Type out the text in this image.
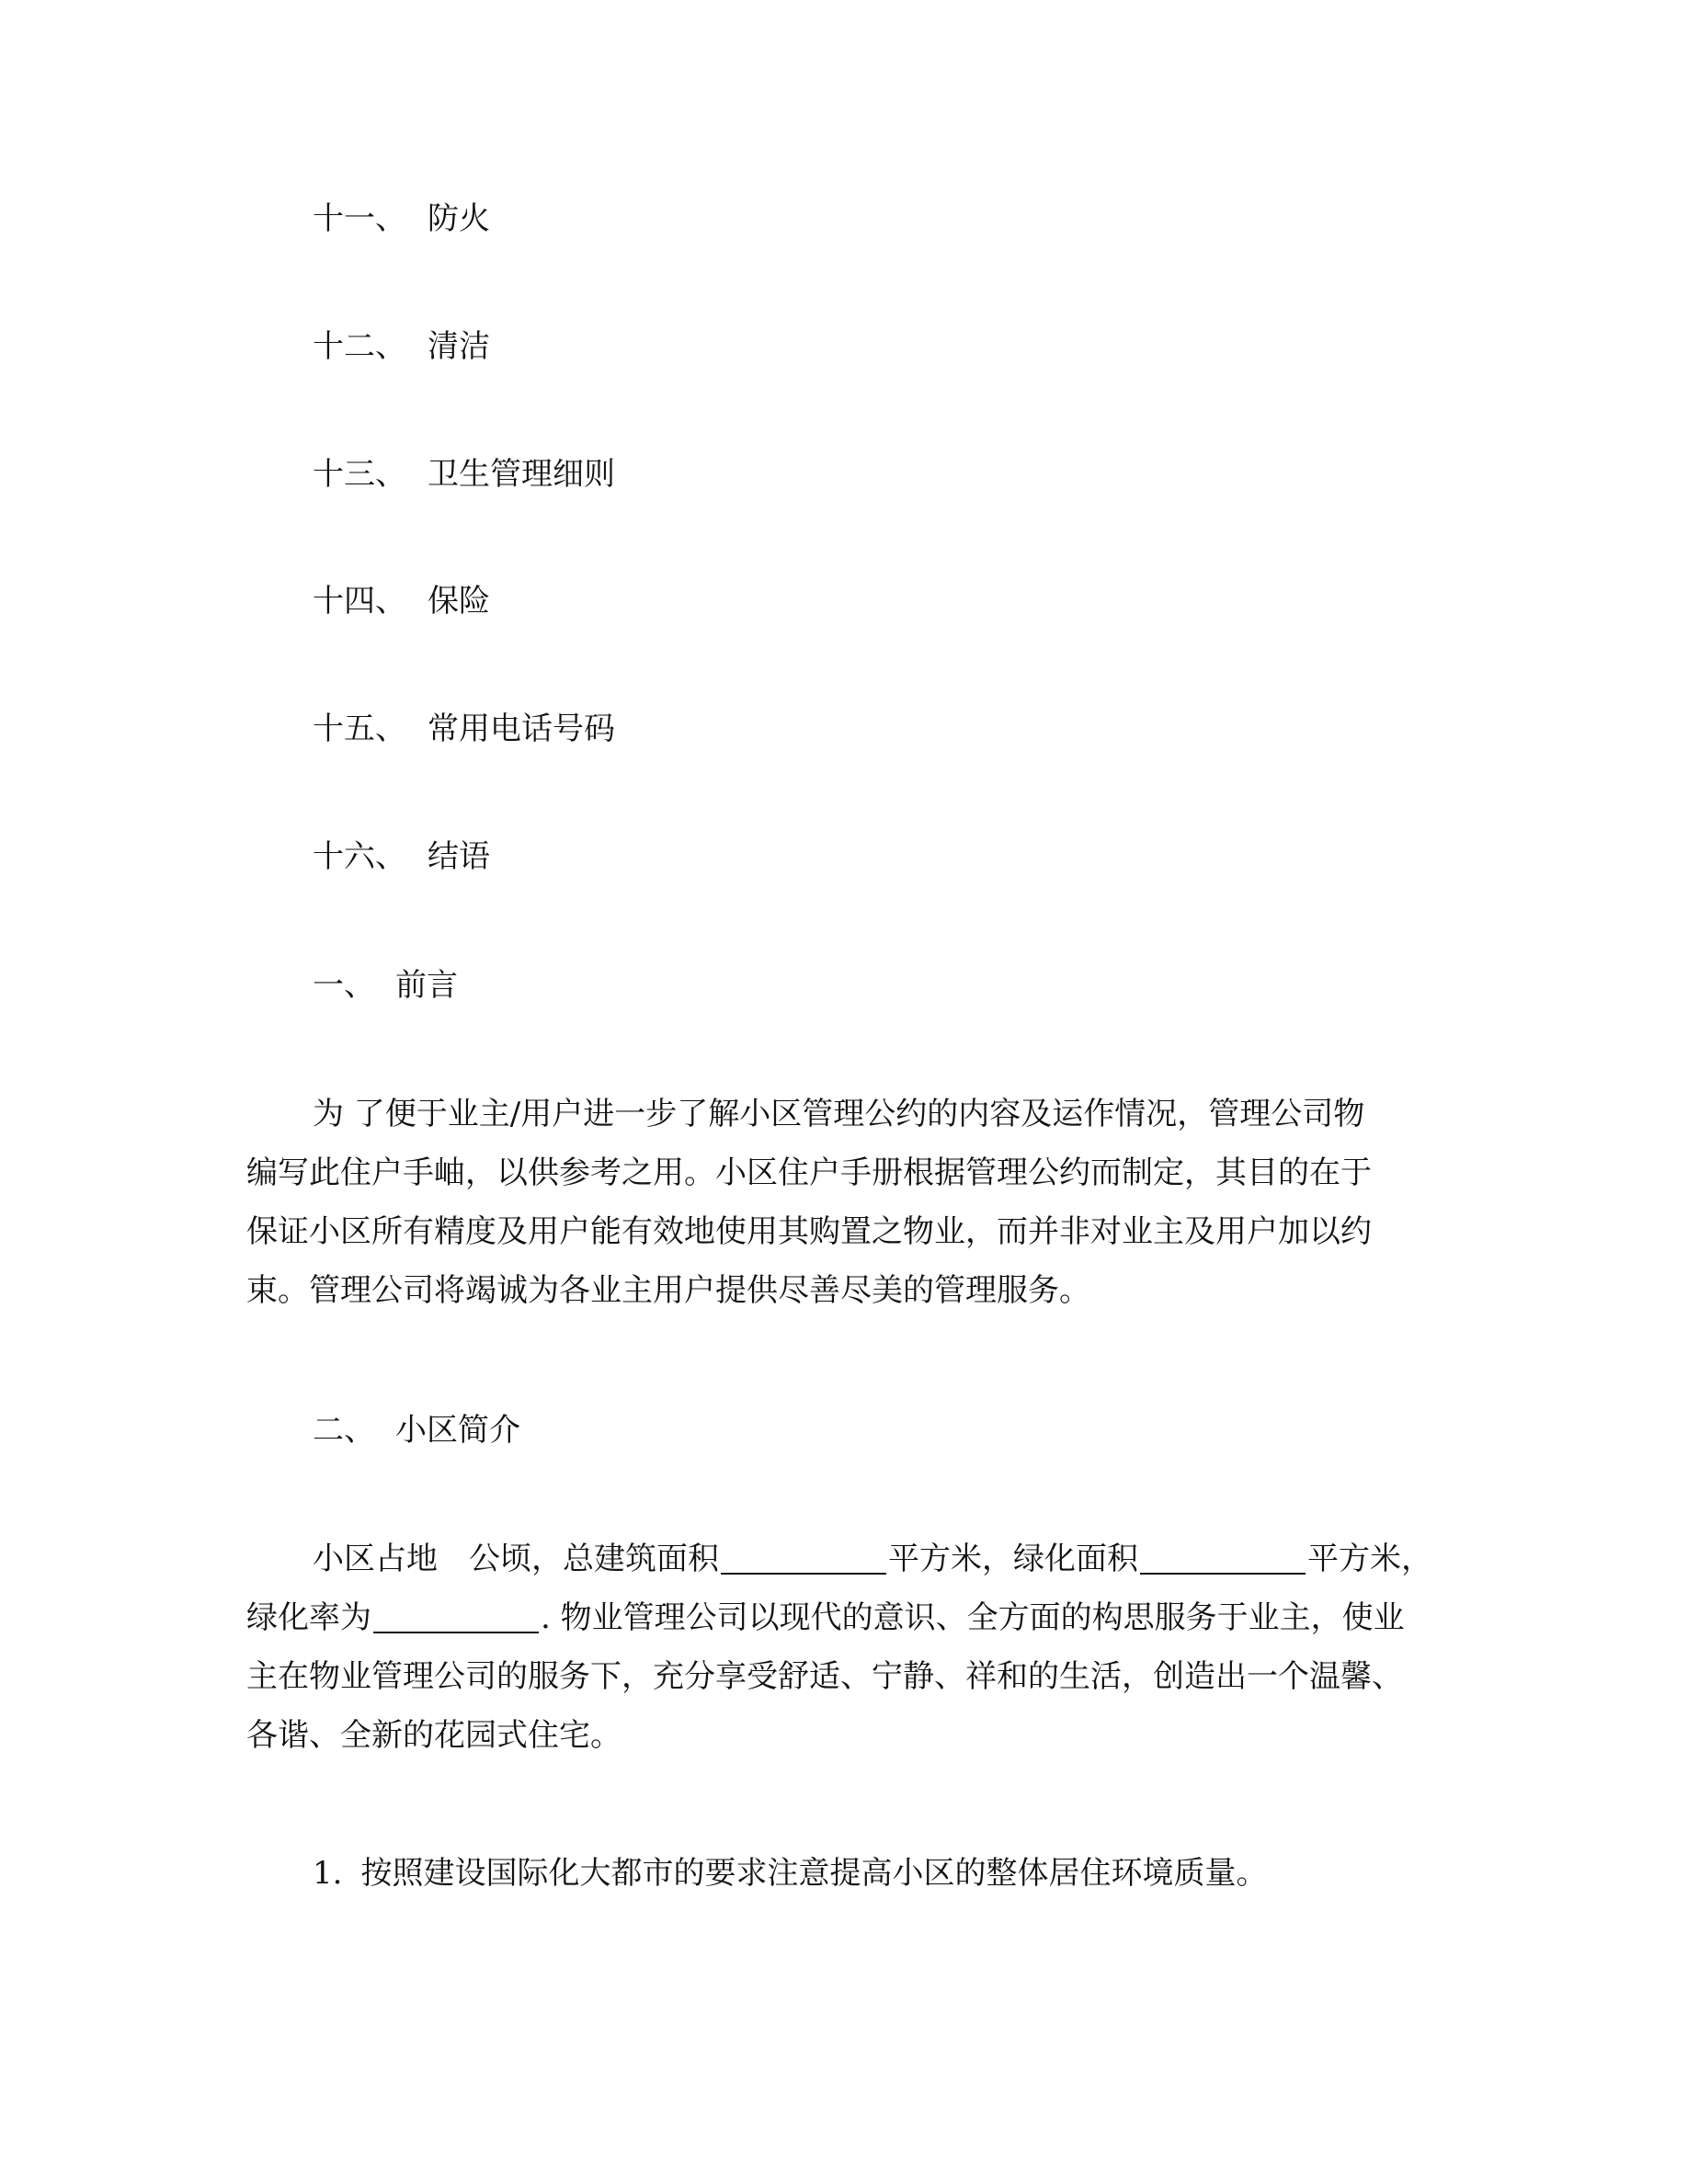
十一、 防火
十二、 清洁
十三、 卫生管理细则
十四、 保险
十五、 常用电话号码
十六、 结语
一、 前言
为 了便于业主/用户进一步了解小区管理公约的内容及运作情况，管理公司物
编写此住户手岫，以供参考之用。小区住户手册根据管理公约而制定，其目的在于
保证小区所有精度及用户能有效地使用其购置之物业，而并非对业主及用户加以约
束。管理公司将竭诚为各业主用户提供尽善尽美的管理服务。
二、 小区简介
小区占地　公顷，总建筑面积	平方米，绿化面积	平方米，
绿化率为	. 物业管理公司以现代的意识、全方面的构思服务于业主，使业
主在物业管理公司的服务下，充分享受舒适、宁静、祥和的生活，创造出一个温馨、
各谐、全新的花园式住宅。
1. 按照建设国际化大都市的要求注意提高小区的整体居住环境质量。
